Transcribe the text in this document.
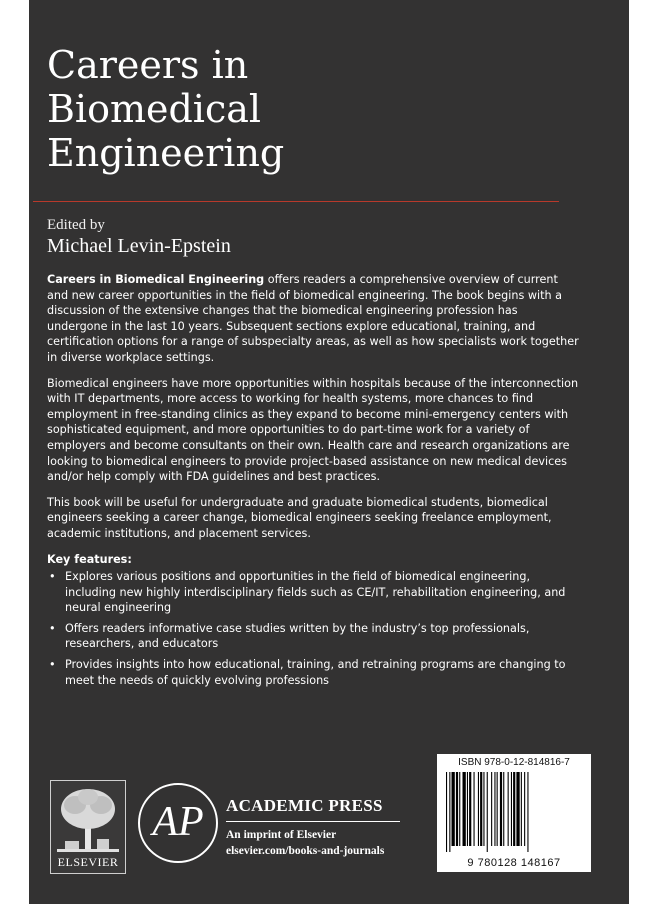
Careers in
Biomedical
Engineering
Edited by
Michael Levin-Epstein

Careers in Biomedical Engineering offers readers a comprehensive overview of current and new career opportunities in the field of biomedical engineering. The book begins with a discussion of the extensive changes that the biomedical engineering profession has undergone in the last 10 years. Subsequent sections explore educational, training, and certification options for a range of subspecialty areas, as well as how specialists work together in diverse workplace settings.

Biomedical engineers have more opportunities within hospitals because of the interconnection with IT departments, more access to working for health systems, more chances to find employment in free-standing clinics as they expand to become mini-emergency centers with sophisticated equipment, and more opportunities to do part-time work for a variety of employers and become consultants on their own. Health care and research organizations are looking to biomedical engineers to provide project-based assistance on new medical devices and/or help comply with FDA guidelines and best practices.

This book will be useful for undergraduate and graduate biomedical students, biomedical engineers seeking a career change, biomedical engineers seeking freelance employment, academic institutions, and placement services.

Key features:
• Explores various positions and opportunities in the field of biomedical engineering, including new highly interdisciplinary fields such as CE/IT, rehabilitation engineering, and neural engineering
• Offers readers informative case studies written by the industry’s top professionals, researchers, and educators
• Provides insights into how educational, training, and retraining programs are changing to meet the needs of quickly evolving professions
ELSEVIER
AP	ACADEMIC PRESS
An imprint of Elsevier
elsevier.com/books-and-journals
ISBN 978-0-12-814816-7
9 780128 148167
